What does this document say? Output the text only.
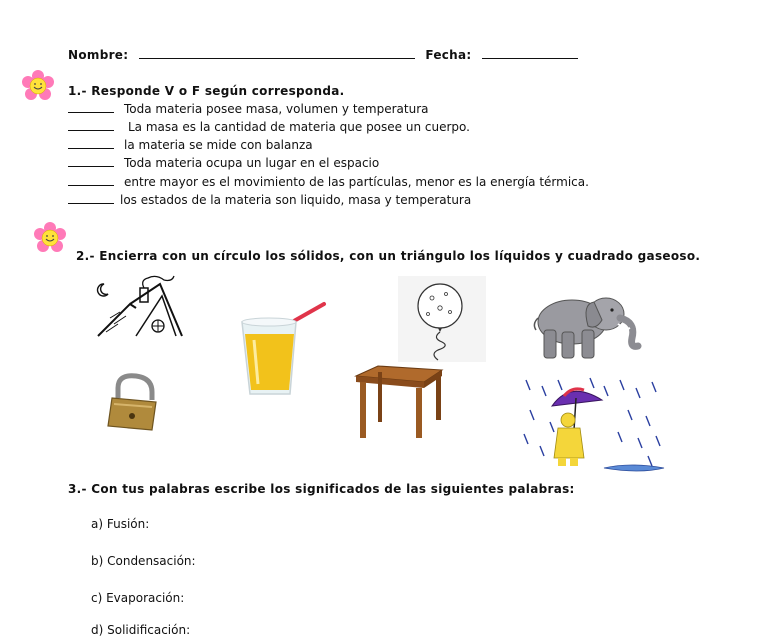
Nombre:	Fecha:
1.- Responde V o F según corresponda.
Toda materia posee masa, volumen y temperatura
La masa es la cantidad de materia que posee un cuerpo.
la materia se mide con balanza
Toda materia ocupa un lugar en el espacio
entre mayor es el movimiento de las partículas, menor es la energía térmica.
los estados de la materia son liquido, masa y temperatura
2.- Encierra con un círculo los sólidos, con un triángulo los líquidos y cuadrado gaseoso.
3.- Con tus palabras escribe los significados de las siguientes palabras:
a) Fusión:
b) Condensación:
c) Evaporación:
d) Solidificación:
